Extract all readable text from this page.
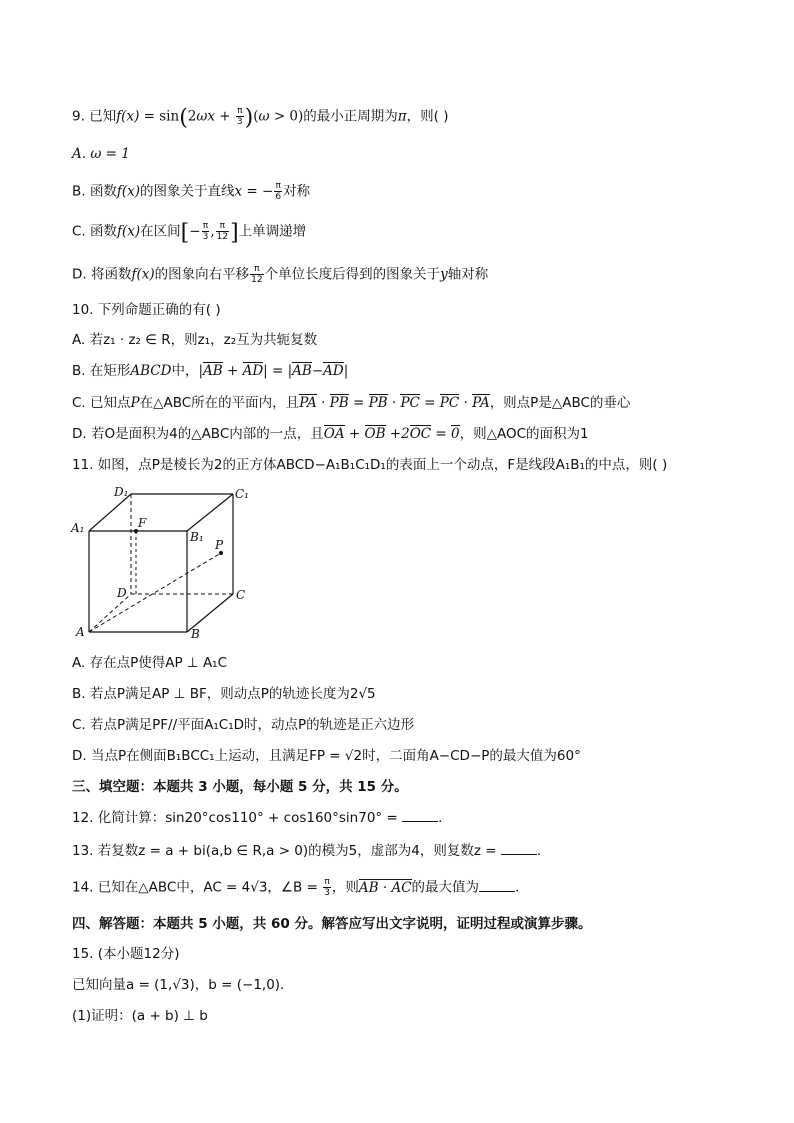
9. 已知$f(x) = \sin(2\omega x + \frac{\pi}{3} )(\omega > 0)$的最小正周期为π，则( )
A. ω = 1
B. 函数f(x)的图象关于直线x = − $\frac{\pi}{6}$ 对称
C. 函数f(x)在区间[− $\frac{\pi}{3}$ , $\frac{\pi}{12}$ ]上单调递增
D. 将函数f(x)的图象向右平移 $\frac{\pi}{12}$ 个单位长度后得到的图象关于y轴对称
10. 下列命题正确的有( )
A. 若z₁ · z₂ ∈ R，则z₁，z₂互为共轭复数
B. 在矩形ABCD中，|AB + AD| = |AB−AD|
C. 已知点P在△ABC所在的平面内，且PA · PB = PB · PC = PC · PA，则点P是△ABC的垂心
D. 若O是面积为4的△ABC内部的一点，且OA + OB +2OC = 0，则△AOC的面积为1
11. 如图，点P是棱长为2的正方体ABCD−A₁B₁C₁D₁的表面上一个动点，F是线段A₁B₁的中点，则( )
D₁	C₁
A₁
B₁
F
P
D	C
A	B
A. 存在点P使得AP ⊥ A₁C
B. 若点P满足AP ⊥ BF，则动点P的轨迹长度为2√5
C. 若点P满足PF//平面A₁C₁D时，动点P的轨迹是正六边形
D. 当点P在侧面B₁BCC₁上运动，且满足FP = √2时，二面角A−CD−P的最大值为60°
三、填空题：本题共 3 小题，每小题 5 分，共 15 分。
12. 化简计算：sin20°cos110° + cos160°sin70° =	.
13. 若复数z = a + bi(a,b ∈ R,a > 0)的模为5，虚部为4，则复数z =	.
14. 已知在△ABC中，AC = 4√3，∠B = $\frac{\pi}{3}$ ，则AB · AC的最大值为	.
四、解答题：本题共 5 小题，共 60 分。解答应写出文字说明，证明过程或演算步骤。
15. (本小题12分)
已知向量a = (1,√3)，b = (−1,0).
(1)证明：(a + b) ⊥ b
